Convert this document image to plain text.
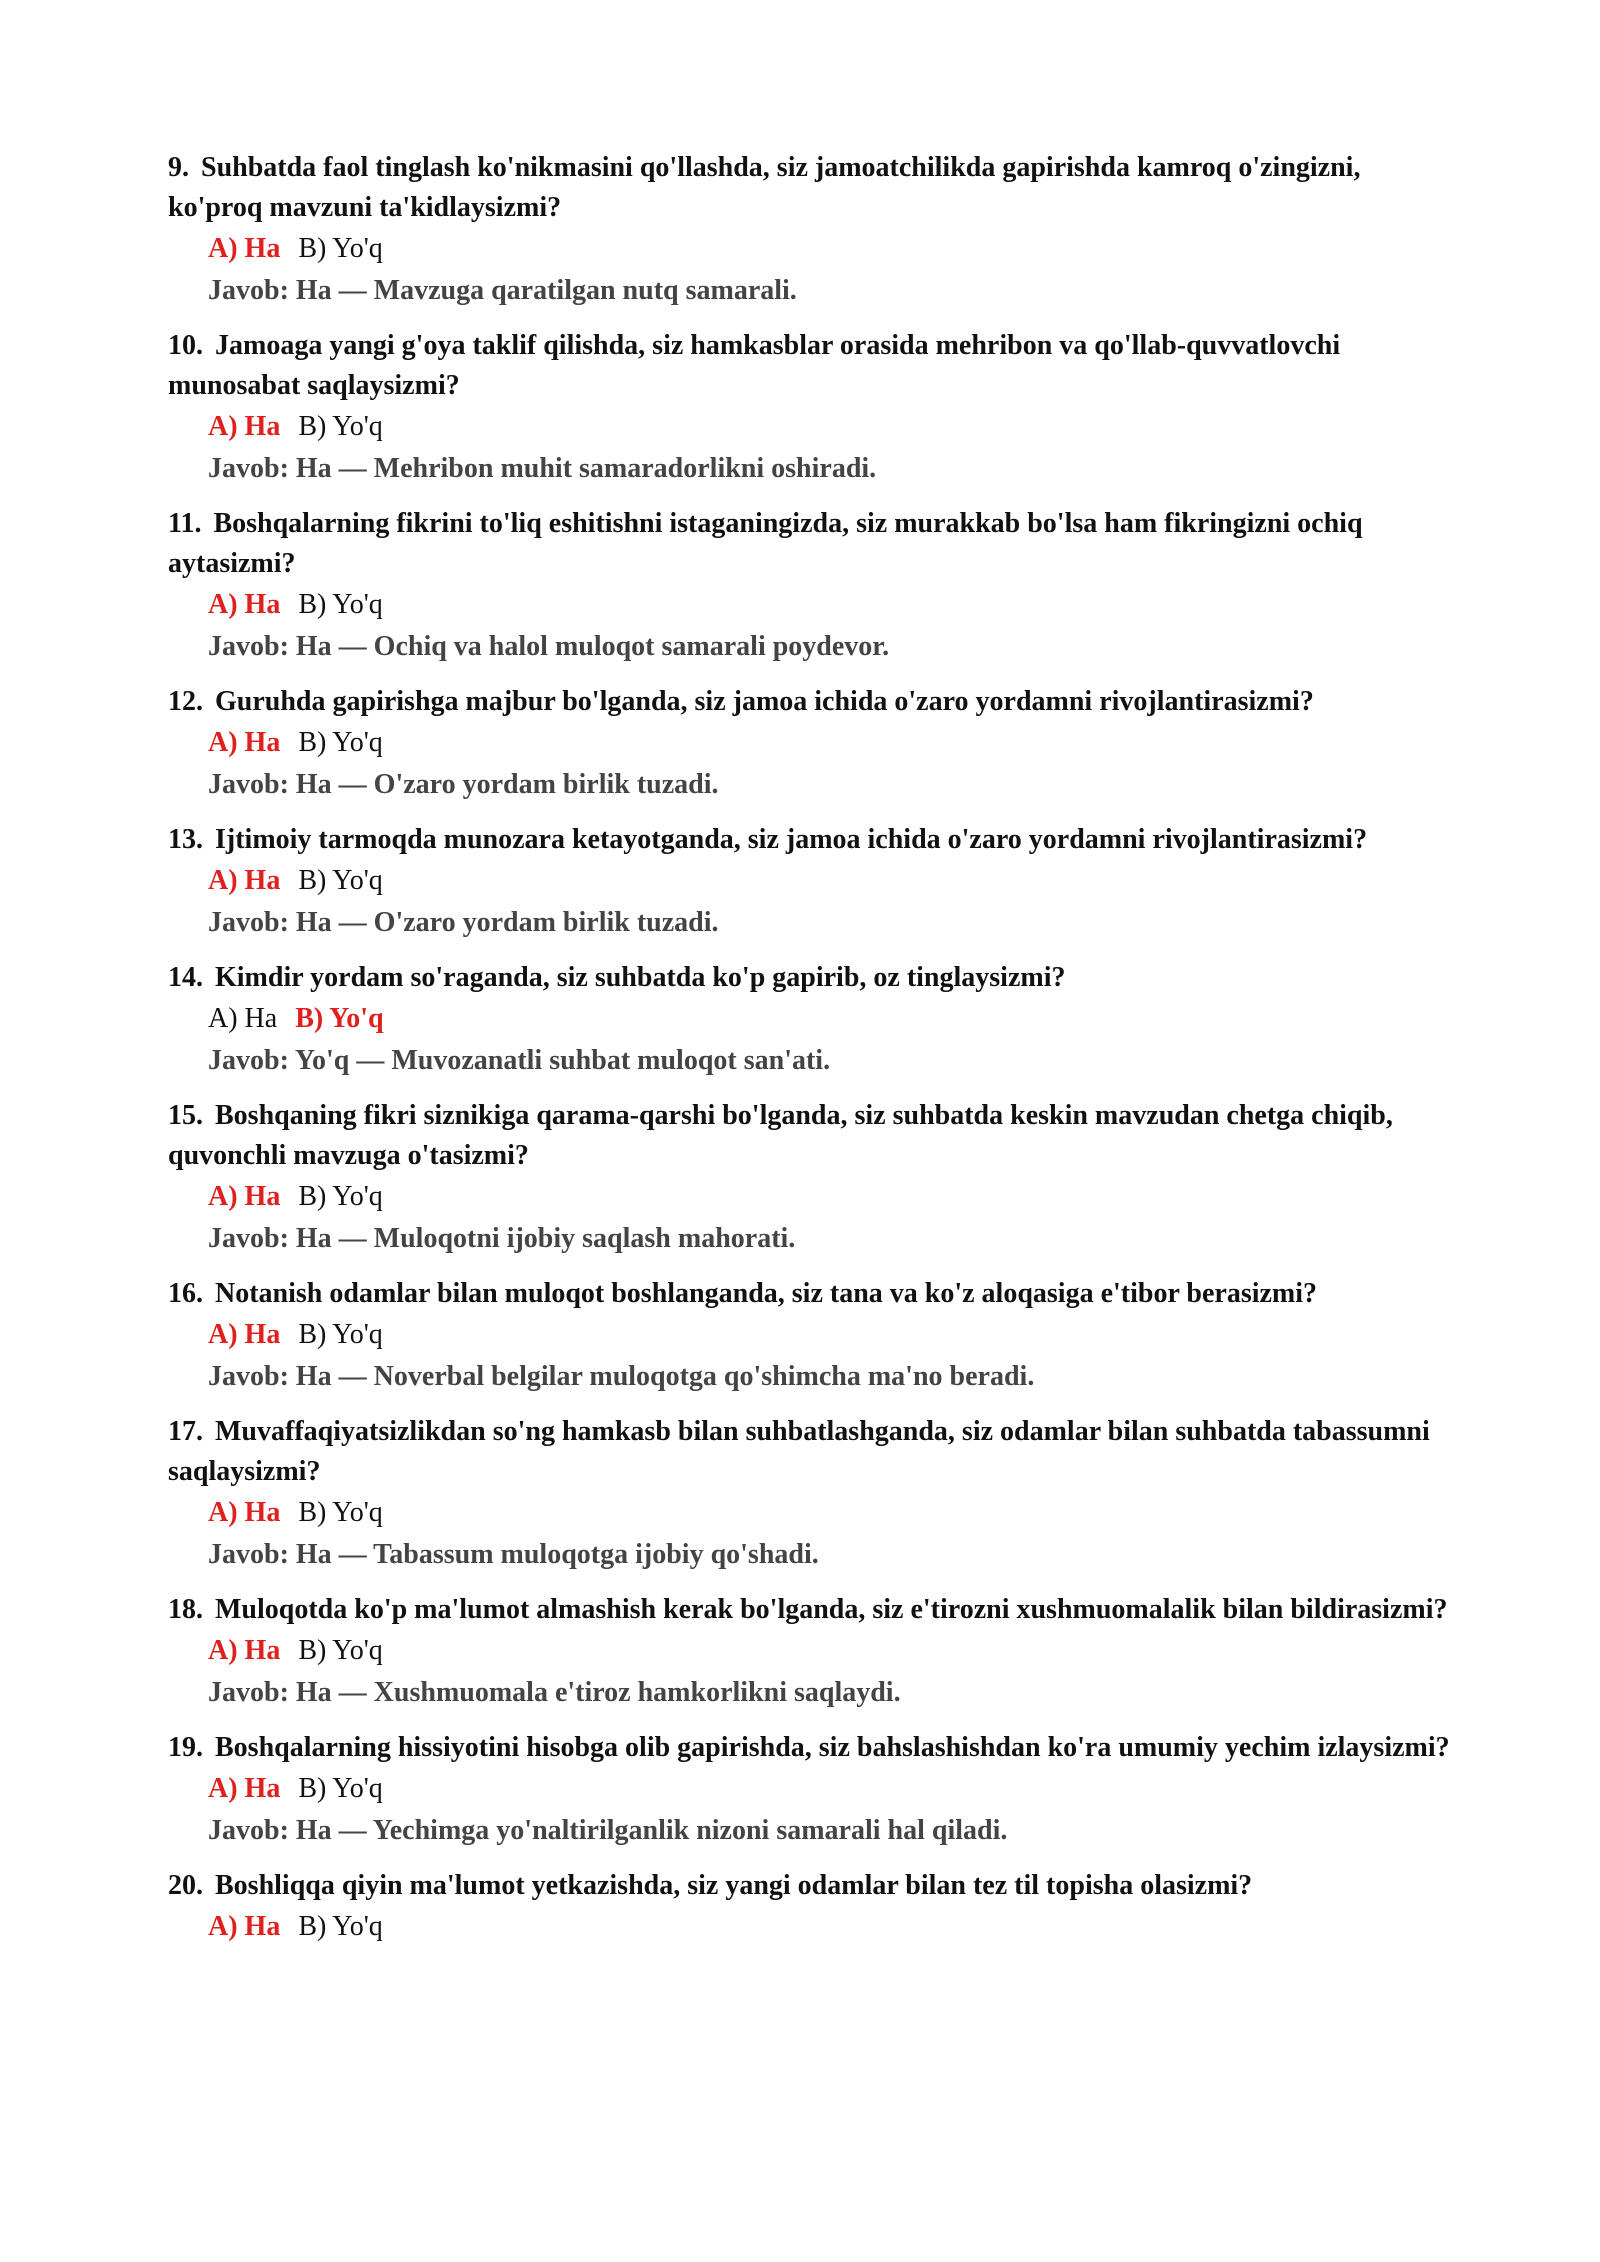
9. Suhbatda faol tinglash ko'nikmasini qo'llashda, siz jamoatchilikda gapirishda kamroq o'zingizni, ko'proq mavzuni ta'kidlaysizmi?

A) Ha B) Yo'q
Javob: Ha — Mavzuga qaratilgan nutq samarali.

10. Jamoaga yangi g'oya taklif qilishda, siz hamkasblar orasida mehribon va qo'llab-quvvatlovchi munosabat saqlaysizmi?

A) Ha B) Yo'q
Javob: Ha — Mehribon muhit samaradorlikni oshiradi.

11. Boshqalarning fikrini to'liq eshitishni istaganingizda, siz murakkab bo'lsa ham fikringizni ochiq aytasizmi?

A) Ha B) Yo'q
Javob: Ha — Ochiq va halol muloqot samarali poydevor.

12. Guruhda gapirishga majbur bo'lganda, siz jamoa ichida o'zaro yordamni rivojlantirasizmi?

A) Ha B) Yo'q
Javob: Ha — O'zaro yordam birlik tuzadi.

13. Ijtimoiy tarmoqda munozara ketayotganda, siz jamoa ichida o'zaro yordamni rivojlantirasizmi?

A) Ha B) Yo'q
Javob: Ha — O'zaro yordam birlik tuzadi.

14. Kimdir yordam so'raganda, siz suhbatda ko'p gapirib, oz tinglaysizmi?

A) Ha B) Yo'q
Javob: Yo'q — Muvozanatli suhbat muloqot san'ati.

15. Boshqaning fikri siznikiga qarama-qarshi bo'lganda, siz suhbatda keskin mavzudan chetga chiqib, quvonchli mavzuga o'tasizmi?

A) Ha B) Yo'q
Javob: Ha — Muloqotni ijobiy saqlash mahorati.

16. Notanish odamlar bilan muloqot boshlanganda, siz tana va ko'z aloqasiga e'tibor berasizmi?

A) Ha B) Yo'q
Javob: Ha — Noverbal belgilar muloqotga qo'shimcha ma'no beradi.

17. Muvaffaqiyatsizlikdan so'ng hamkasb bilan suhbatlashganda, siz odamlar bilan suhbatda tabassumni saqlaysizmi?

A) Ha B) Yo'q
Javob: Ha — Tabassum muloqotga ijobiy qo'shadi.

18. Muloqotda ko'p ma'lumot almashish kerak bo'lganda, siz e'tirozni xushmuomalalik bilan bildirasizmi?

A) Ha B) Yo'q
Javob: Ha — Xushmuomala e'tiroz hamkorlikni saqlaydi.

19. Boshqalarning hissiyotini hisobga olib gapirishda, siz bahslashishdan ko'ra umumiy yechim izlaysizmi?

A) Ha B) Yo'q
Javob: Ha — Yechimga yo'naltirilganlik nizoni samarali hal qiladi.

20. Boshliqqa qiyin ma'lumot yetkazishda, siz yangi odamlar bilan tez til topisha olasizmi?

A) Ha B) Yo'q
